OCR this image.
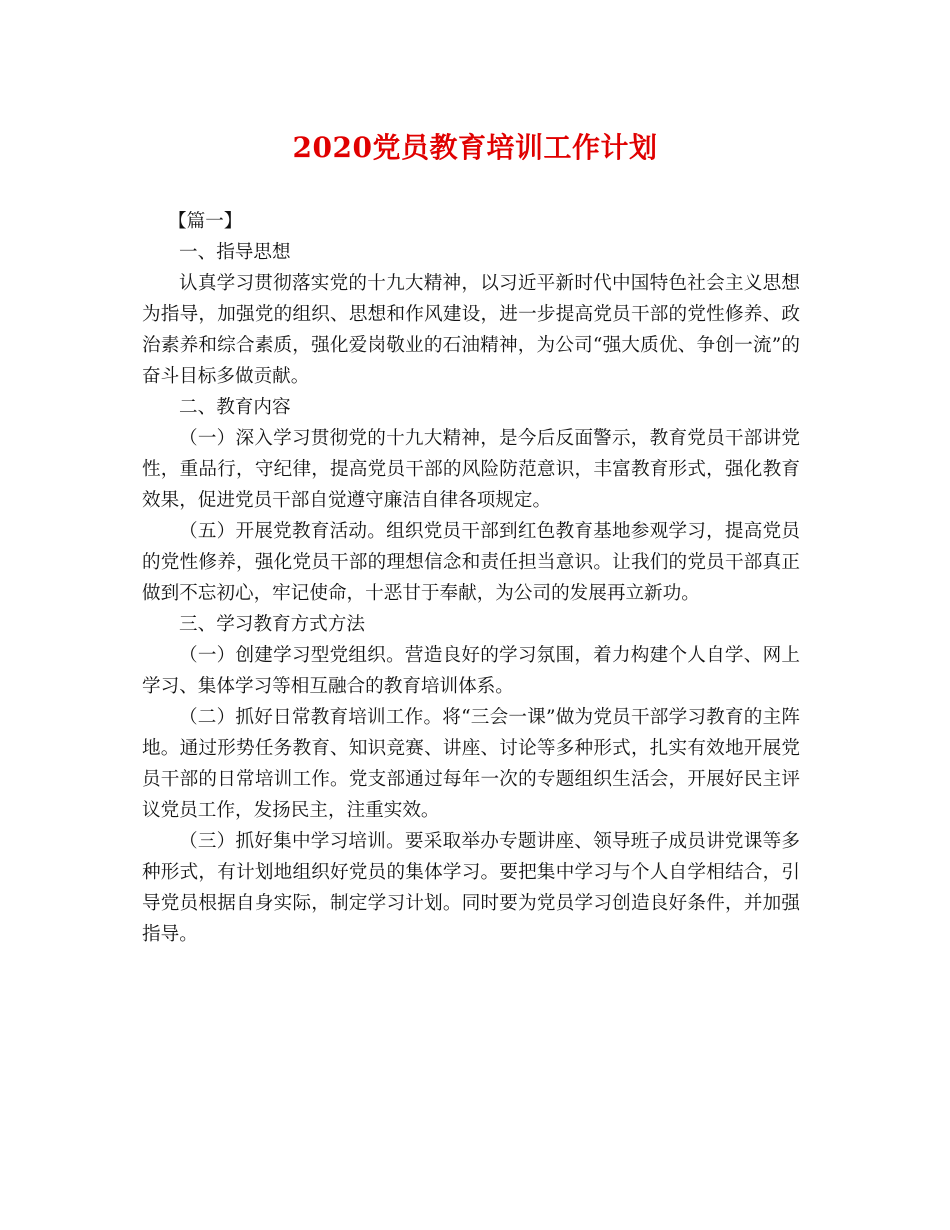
2020党员教育培训工作计划

【篇一】

一、指导思想

认真学习贯彻落实党的十九大精神，以习近平新时代中国特色社会主义思想为指导，加强党的组织、思想和作风建设，进一步提高党员干部的党性修养、政治素养和综合素质，强化爱岗敬业的石油精神，为公司“强大质优、争创一流”的奋斗目标多做贡献。

二、教育内容

（一）深入学习贯彻党的十九大精神，是今后反面警示，教育党员干部讲党性，重品行，守纪律，提高党员干部的风险防范意识，丰富教育形式，强化教育效果，促进党员干部自觉遵守廉洁自律各项规定。

（五）开展党教育活动。组织党员干部到红色教育基地参观学习，提高党员的党性修养，强化党员干部的理想信念和责任担当意识。让我们的党员干部真正做到不忘初心，牢记使命，十恶甘于奉献，为公司的发展再立新功。

三、学习教育方式方法

（一）创建学习型党组织。营造良好的学习氛围，着力构建个人自学、网上学习、集体学习等相互融合的教育培训体系。

（二）抓好日常教育培训工作。将“三会一课”做为党员干部学习教育的主阵地。通过形势任务教育、知识竞赛、讲座、讨论等多种形式，扎实有效地开展党员干部的日常培训工作。党支部通过每年一次的专题组织生活会，开展好民主评议党员工作，发扬民主，注重实效。

（三）抓好集中学习培训。要采取举办专题讲座、领导班子成员讲党课等多种形式，有计划地组织好党员的集体学习。要把集中学习与个人自学相结合，引导党员根据自身实际，制定学习计划。同时要为党员学习创造良好条件，并加强指导。
